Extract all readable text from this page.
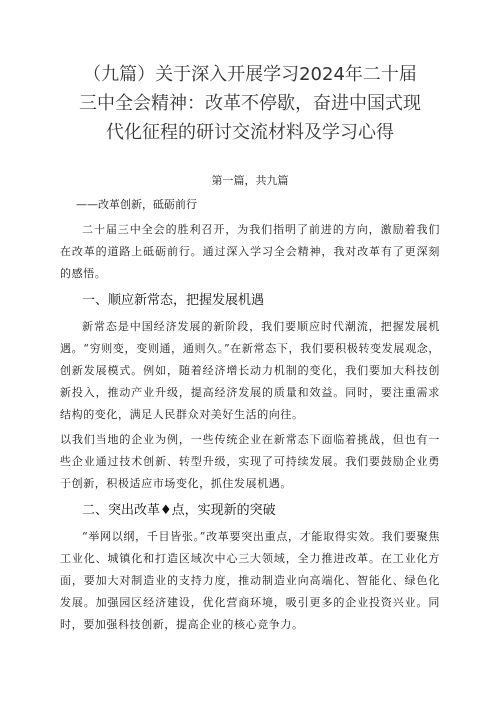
（九篇）关于深入开展学习2024年二十届
三中全会精神：改革不停歇，奋进中国式现
代化征程的研讨交流材料及学习心得
第一篇，共九篇
——改革创新，砥砺前行

二十届三中全会的胜利召开，为我们指明了前进的方向，激励着我们在改革的道路上砥砺前行。通过深入学习全会精神，我对改革有了更深刻的感悟。

一、顺应新常态，把握发展机遇

新常态是中国经济发展的新阶段，我们要顺应时代潮流，把握发展机遇。“穷则变，变则通，通则久。”在新常态下，我们要积极转变发展观念，创新发展模式。例如，随着经济增长动力机制的变化，我们要加大科技创新投入，推动产业升级，提高经济发展的质量和效益。同时，要注重需求结构的变化，满足人民群众对美好生活的向往。

以我们当地的企业为例，一些传统企业在新常态下面临着挑战，但也有一些企业通过技术创新、转型升级，实现了可持续发展。我们要鼓励企业勇于创新，积极适应市场变化，抓住发展机遇。

二、突出改革♦点，实现新的突破

“举网以纲，千目皆张。”改革要突出重点，才能取得实效。我们要聚焦工业化、城镇化和打造区域次中心三大领域，全力推进改革。在工业化方面，要加大对制造业的支持力度，推动制造业向高端化、智能化、绿色化发展。加强园区经济建设，优化营商环境，吸引更多的企业投资兴业。同时，要加强科技创新，提高企业的核心竞争力。
